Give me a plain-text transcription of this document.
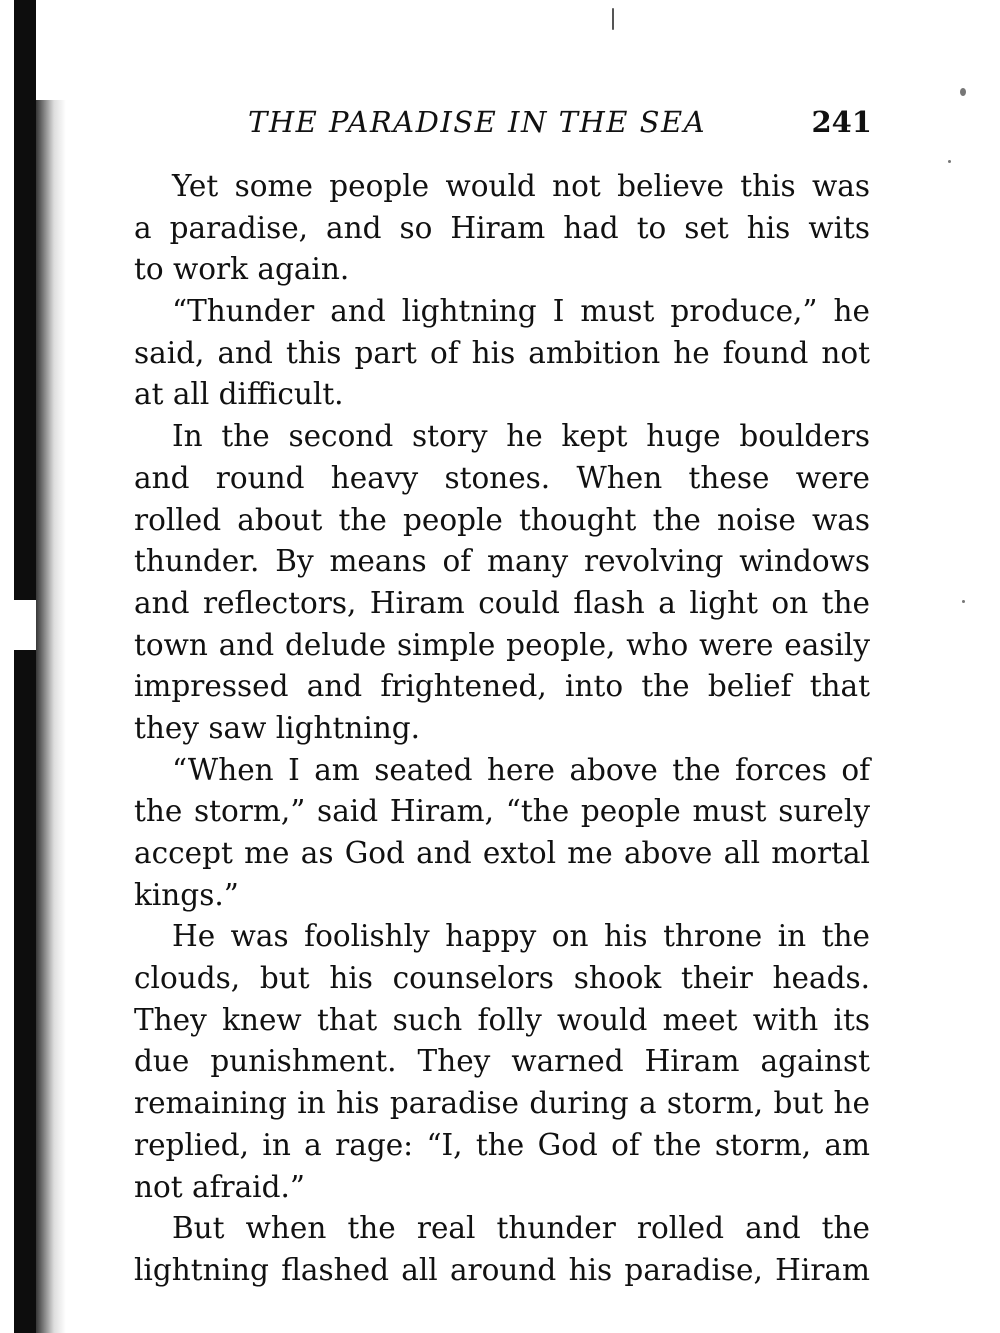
THE PARADISE IN THE SEA	241
Yet some people would not believe this was
a paradise, and so Hiram had to set his wits
to work again.
“Thunder and lightning I must produce,” he
said, and this part of his ambition he found not
at all difficult.
In the second story he kept huge boulders
and round heavy stones. When these were
rolled about the people thought the noise was
thunder. By means of many revolving windows
and reflectors, Hiram could flash a light on the
town and delude simple people, who were easily
impressed and frightened, into the belief that
they saw lightning.
“When I am seated here above the forces of
the storm,” said Hiram, “the people must surely
accept me as God and extol me above all mortal
kings.”
He was foolishly happy on his throne in the
clouds, but his counselors shook their heads.
They knew that such folly would meet with its
due punishment. They warned Hiram against
remaining in his paradise during a storm, but he
replied, in a rage: “I, the God of the storm, am
not afraid.”
But when the real thunder rolled and the
lightning flashed all around his paradise, Hiram
